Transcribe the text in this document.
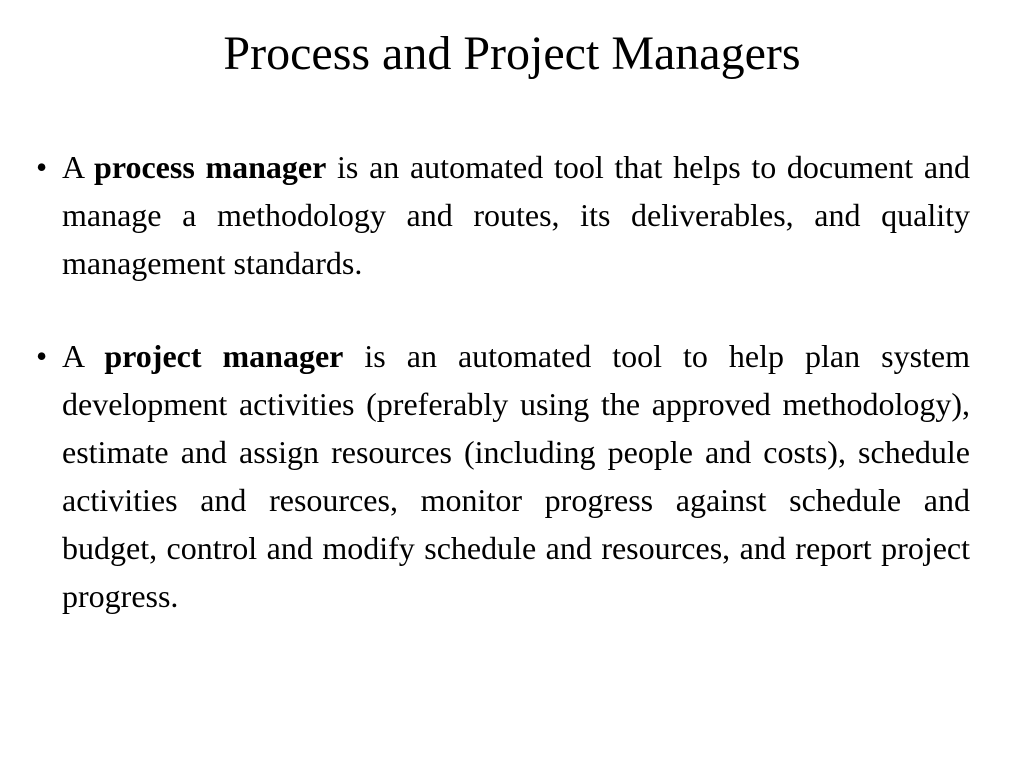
Process and Project Managers
• A process manager is an automated tool that helps to document and manage a methodology and routes, its deliverables, and quality management standards.
• A project manager is an automated tool to help plan system development activities (preferably using the approved methodology), estimate and assign resources (including people and costs), schedule activities and resources, monitor progress against schedule and budget, control and modify schedule and resources, and report project progress.
